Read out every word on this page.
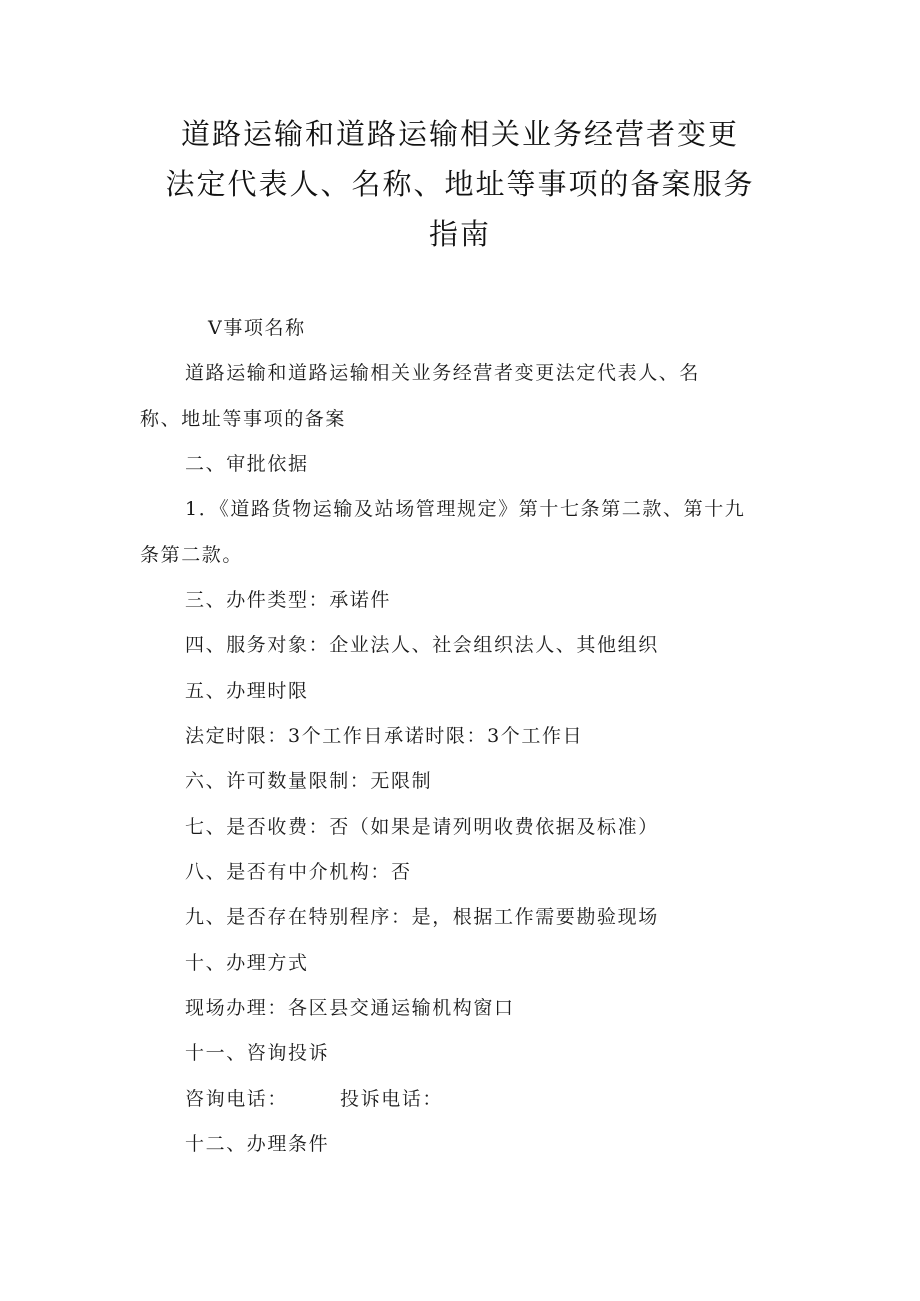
道路运输和道路运输相关业务经营者变更
法定代表人、名称、地址等事项的备案服务
指南
Ⅴ事项名称
道路运输和道路运输相关业务经营者变更法定代表人、名
称、地址等事项的备案
二、审批依据
1．《道路货物运输及站场管理规定》第十七条第二款、第十九
条第二款。
三、办件类型：承诺件
四、服务对象：企业法人、社会组织法人、其他组织
五、办理时限
法定时限：3个工作日承诺时限：3个工作日
六、许可数量限制：无限制
七、是否收费：否（如果是请列明收费依据及标准）
八、是否有中介机构：否
九、是否存在特别程序：是，根据工作需要勘验现场
十、办理方式
现场办理：各区县交通运输机构窗口
十一、咨询投诉
咨询电话：	投诉电话：
十二、办理条件
